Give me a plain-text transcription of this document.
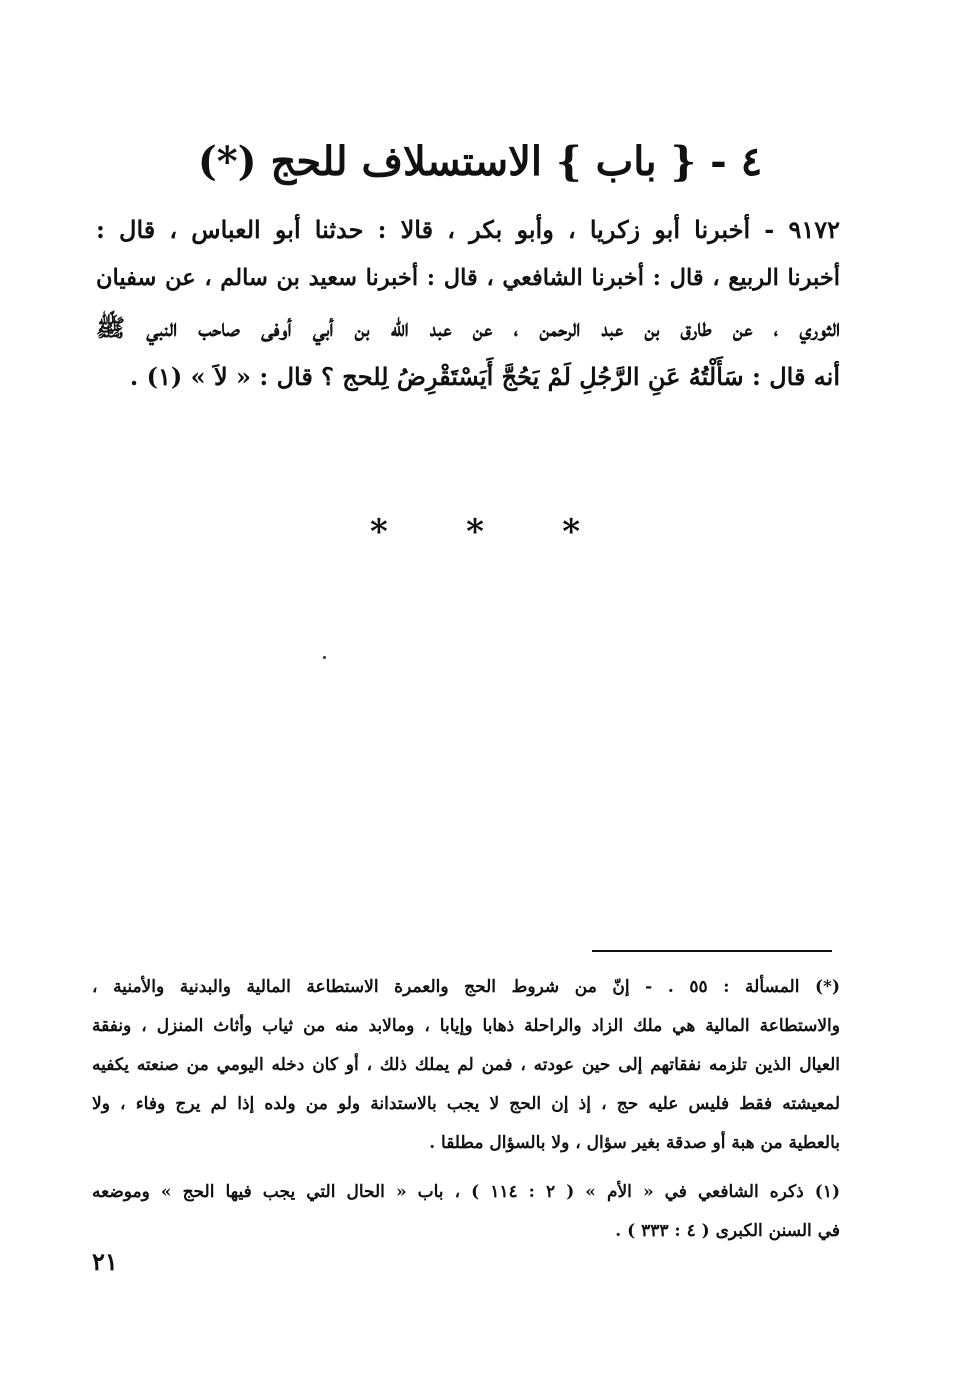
٤ - { باب } الاستسلاف للحج (*)
٩١٧٢ - أخبرنا أبو زكريا ، وأبو بكر ، قالا : حدثنا أبو العباس ، قال :
أخبرنا الربيع ، قال : أخبرنا الشافعي ، قال : أخبرنا سعيد بن سالم ، عن سفيان
الثوري ، عن طارق بن عبد الرحمن ، عن عبد الله بن أبي أوفى صاحب النبي ﷺ
أنه قال : سَأَلْتُهُ عَنِ الرَّجُلِ لَمْ يَحُجَّ أَيَسْتَقْرِضُ لِلحج ؟ قال : « لاَ » (١) .
* * *
(*) المسألة : ٥٥ . - إنّ من شروط الحج والعمرة الاستطاعة المالية والبدنية والأمنية ،
والاستطاعة المالية هي ملك الزاد والراحلة ذهابا وإيابا ، ومالابد منه من ثياب وأثاث المنزل ، ونفقة
العيال الذين تلزمه نفقاتهم إلى حين عودته ، فمن لم يملك ذلك ، أو كان دخله اليومي من صنعته يكفيه
لمعيشته فقط فليس عليه حج ، إذ إن الحج لا يجب بالاستدانة ولو من ولده إذا لم يرج وفاء ، ولا
بالعطية من هبة أو صدقة بغير سؤال ، ولا بالسؤال مطلقا .
(١) ذكره الشافعي في « الأم » ( ٢ : ١١٤ ) ، باب « الحال التي يجب فيها الحج » وموضعه
في السنن الكبرى ( ٤ : ٣٣٣ ) .
٢١
